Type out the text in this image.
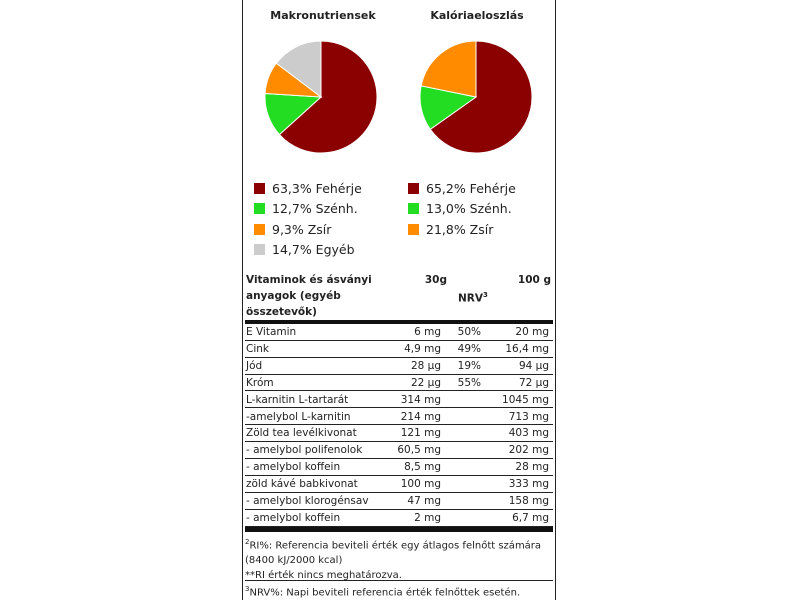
Makronutriensek	Kalóriaeloszlás
63,3% Fehérje
12,7% Szénh.
9,3% Zsír
14,7% Egyéb
65,2% Fehérje
13,0% Szénh.
21,8% Zsír
Vitaminok és ásványi
anyagok (egyéb
összetevők)
30g
NRV$^3$
100 g
E Vitamin	6 mg 50%	20 mg
Cink	4,9 mg 49% 16,4 mg
Jód	28 µg 19%	94 µg
Króm	22 µg 55%	72 µg
L-karnitin L-tartarát	314 mg	1045 mg
-amelybol L-karnitin	214 mg	713 mg
Zöld tea levélkivonat	121 mg	403 mg
- amelybol polifenolok	60,5 mg	202 mg
- amelybol koffein	8,5 mg	28 mg
zöld kávé babkivonat	100 mg	333 mg
- amelybol klorogénsav	47 mg	158 mg
- amelybol koffein	2 mg	6,7 mg
$^2$RI%: Referencia beviteli érték egy átlagos felnőtt számára
(8400 kJ/2000 kcal)
**RI érték nincs meghatározva.
$^3$NRV%: Napi beviteli referencia érték felnőttek esetén.
